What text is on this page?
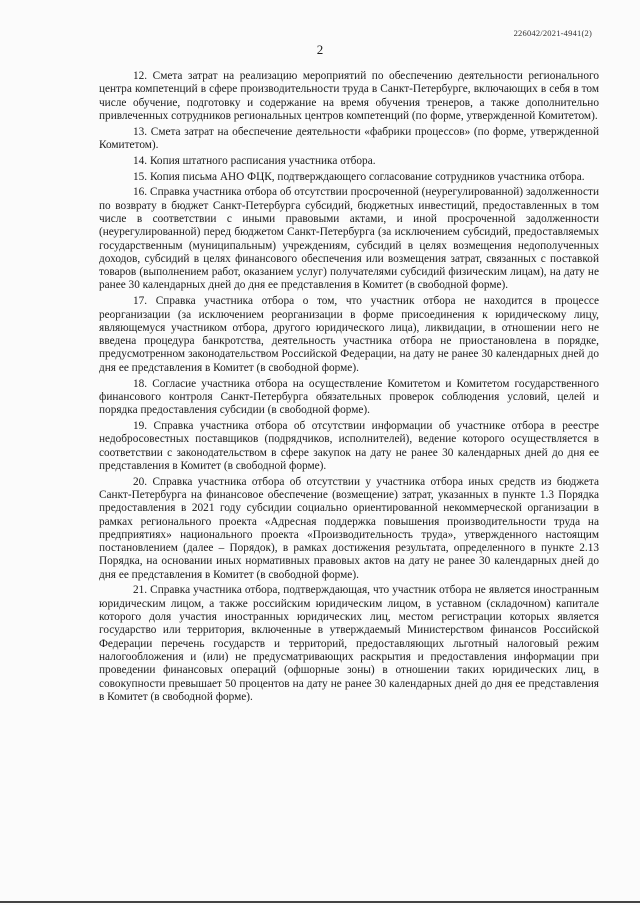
226042/2021-4941(2)
2

12. Смета затрат на реализацию мероприятий по обеспечению деятельности регионального центра компетенций в сфере производительности труда в Санкт-Петербурге, включающих в себя в том числе обучение, подготовку и содержание на время обучения тренеров, а также дополнительно привлеченных сотрудников региональных центров компетенций (по форме, утвержденной Комитетом).

13. Смета затрат на обеспечение деятельности «фабрики процессов» (по форме, утвержденной Комитетом).

14. Копия штатного расписания участника отбора.

15. Копия письма АНО ФЦК, подтверждающего согласование сотрудников участника отбора.

16. Справка участника отбора об отсутствии просроченной (неурегулированной) задолженности по возврату в бюджет Санкт-Петербурга субсидий, бюджетных инвестиций, предоставленных в том числе в соответствии с иными правовыми актами, и иной просроченной задолженности (неурегулированной) перед бюджетом Санкт-Петербурга (за исключением субсидий, предоставляемых государственным (муниципальным) учреждениям, субсидий в целях возмещения недополученных доходов, субсидий в целях финансового обеспечения или возмещения затрат, связанных с поставкой товаров (выполнением работ, оказанием услуг) получателями субсидий физическим лицам), на дату не ранее 30 календарных дней до дня ее представления в Комитет (в свободной форме).

17. Справка участника отбора о том, что участник отбора не находится в процессе реорганизации (за исключением реорганизации в форме присоединения к юридическому лицу, являющемуся участником отбора, другого юридического лица), ликвидации, в отношении него не введена процедура банкротства, деятельность участника отбора не приостановлена в порядке, предусмотренном законодательством Российской Федерации, на дату не ранее 30 календарных дней до дня ее представления в Комитет (в свободной форме).

18. Согласие участника отбора на осуществление Комитетом и Комитетом государственного финансового контроля Санкт-Петербурга обязательных проверок соблюдения условий, целей и порядка предоставления субсидии (в свободной форме).

19. Справка участника отбора об отсутствии информации об участнике отбора в реестре недобросовестных поставщиков (подрядчиков, исполнителей), ведение которого осуществляется в соответствии с законодательством в сфере закупок на дату не ранее 30 календарных дней до дня ее представления в Комитет (в свободной форме).

20. Справка участника отбора об отсутствии у участника отбора иных средств из бюджета Санкт-Петербурга на финансовое обеспечение (возмещение) затрат, указанных в пункте 1.3 Порядка предоставления в 2021 году субсидии социально ориентированной некоммерческой организации в рамках регионального проекта «Адресная поддержка повышения производительности труда на предприятиях» национального проекта «Производительность труда», утвержденного настоящим постановлением (далее – Порядок), в рамках достижения результата, определенного в пункте 2.13 Порядка, на основании иных нормативных правовых актов на дату не ранее 30 календарных дней до дня ее представления в Комитет (в свободной форме).

21. Справка участника отбора, подтверждающая, что участник отбора не является иностранным юридическим лицом, а также российским юридическим лицом, в уставном (складочном) капитале которого доля участия иностранных юридических лиц, местом регистрации которых является государство или территория, включенные в утверждаемый Министерством финансов Российской Федерации перечень государств и территорий, предоставляющих льготный налоговый режим налогообложения и (или) не предусматривающих раскрытия и предоставления информации при проведении финансовых операций (офшорные зоны) в отношении таких юридических лиц, в совокупности превышает 50 процентов на дату не ранее 30 календарных дней до дня ее представления в Комитет (в свободной форме).
